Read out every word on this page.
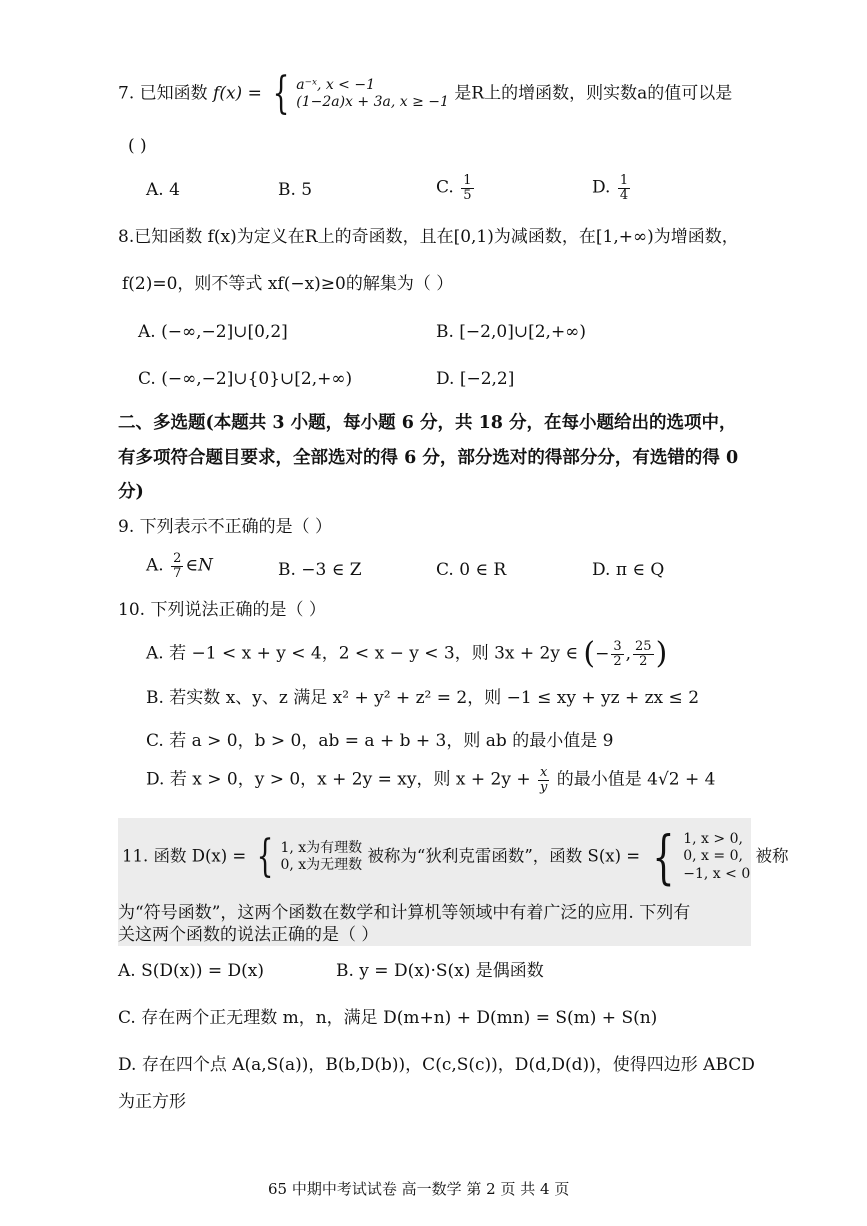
7. 已知函数 f(x) = { a⁻ˣ, x < −1
(1−2a)x + 3a, x ≥ −1 是R上的增函数，则实数a的值可以是
( )
A. 4	B. 5	C. $\frac{1}{5}$	D. $\frac{1}{4}$
8.已知函数 f(x)为定义在R上的奇函数，且在[0,1)为减函数，在[1,+∞)为增函数，
f(2)=0，则不等式 xf(−x)≥0的解集为（ ）
A. (−∞,−2]∪[0,2]	B. [−2,0]∪[2,+∞)
C. (−∞,−2]∪{0}∪[2,+∞)	D. [−2,2]
二、多选题(本题共 3 小题，每小题 6 分，共 18 分，在每小题给出的选项中，
有多项符合题目要求，全部选对的得 6 分，部分选对的得部分分，有选错的得 0
分)
9. 下列表示不正确的是（ ）
A. $\frac{2}{7}$ ∈N	B. −3 ∈ Z	C. 0 ∈ R	D. π ∈ Q
10. 下列说法正确的是（ ）
A. 若 −1 < x + y < 4，2 < x − y < 3，则 3x + 2y ∈ (− $\frac{3}{2}$ , $\frac{25}{2}$ )
B. 若实数 x、y、z 满足 x² + y² + z² = 2，则 −1 ≤ xy + yz + zx ≤ 2
C. 若 a > 0，b > 0，ab = a + b + 3，则 ab 的最小值是 9
D. 若 x > 0，y > 0，x + 2y = xy，则 $x + 2y + \frac{x}{y}$ 的最小值是 4√2 + 4
11. 函数 D(x) = { 1, x为有理数
0, x为无理数 被称为“狄利克雷函数”，函数 S(x) = { 1, x > 0,
0, x = 0,
−1, x < 0
被称
为“符号函数”，这两个函数在数学和计算机等领域中有着广泛的应用. 下列有
关这两个函数的说法正确的是（ ）
A. S(D(x)) = D(x)	B. y = D(x)·S(x) 是偶函数
C. 存在两个正无理数 m，n，满足 D(m+n) + D(mn) = S(m) + S(n)
D. 存在四个点 A(a,S(a))，B(b,D(b))，C(c,S(c))，D(d,D(d))，使得四边形 ABCD
为正方形
65 中期中考试试卷 高一数学 第 2 页 共 4 页
